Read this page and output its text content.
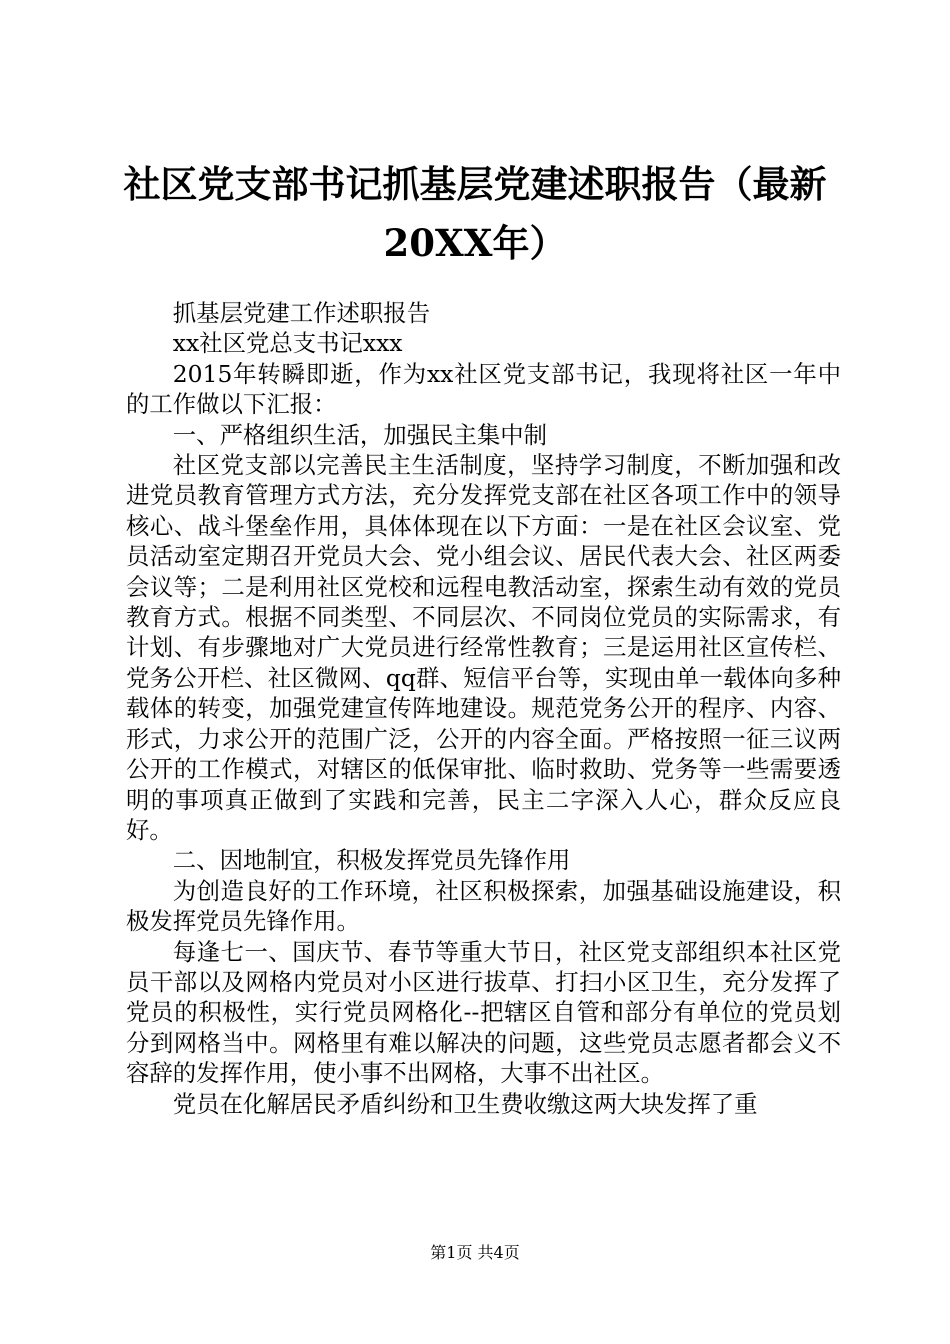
社区党支部书记抓基层党建述职报告（最新
20XX年）

抓基层党建工作述职报告

xx社区党总支书记xxx

2015年转瞬即逝，作为xx社区党支部书记，我现将社区一年中的工作做以下汇报：

一、严格组织生活，加强民主集中制

社区党支部以完善民主生活制度，坚持学习制度，不断加强和改进党员教育管理方式方法，充分发挥党支部在社区各项工作中的领导核心、战斗堡垒作用，具体体现在以下方面：一是在社区会议室、党员活动室定期召开党员大会、党小组会议、居民代表大会、社区两委会议等；二是利用社区党校和远程电教活动室，探索生动有效的党员教育方式。根据不同类型、不同层次、不同岗位党员的实际需求，有计划、有步骤地对广大党员进行经常性教育；三是运用社区宣传栏、党务公开栏、社区微网、qq群、短信平台等，实现由单一载体向多种载体的转变，加强党建宣传阵地建设。规范党务公开的程序、内容、形式，力求公开的范围广泛，公开的内容全面。严格按照一征三议两公开的工作模式，对辖区的低保审批、临时救助、党务等一些需要透明的事项真正做到了实践和完善，民主二字深入人心，群众反应良好。

二、因地制宜，积极发挥党员先锋作用

为创造良好的工作环境，社区积极探索，加强基础设施建设，积极发挥党员先锋作用。

每逢七一、国庆节、春节等重大节日，社区党支部组织本社区党员干部以及网格内党员对小区进行拔草、打扫小区卫生，充分发挥了党员的积极性，实行党员网格化--把辖区自管和部分有单位的党员划分到网格当中。网格里有难以解决的问题，这些党员志愿者都会义不容辞的发挥作用，使小事不出网格，大事不出社区。

党员在化解居民矛盾纠纷和卫生费收缴这两大块发挥了重

第1页 共4页
